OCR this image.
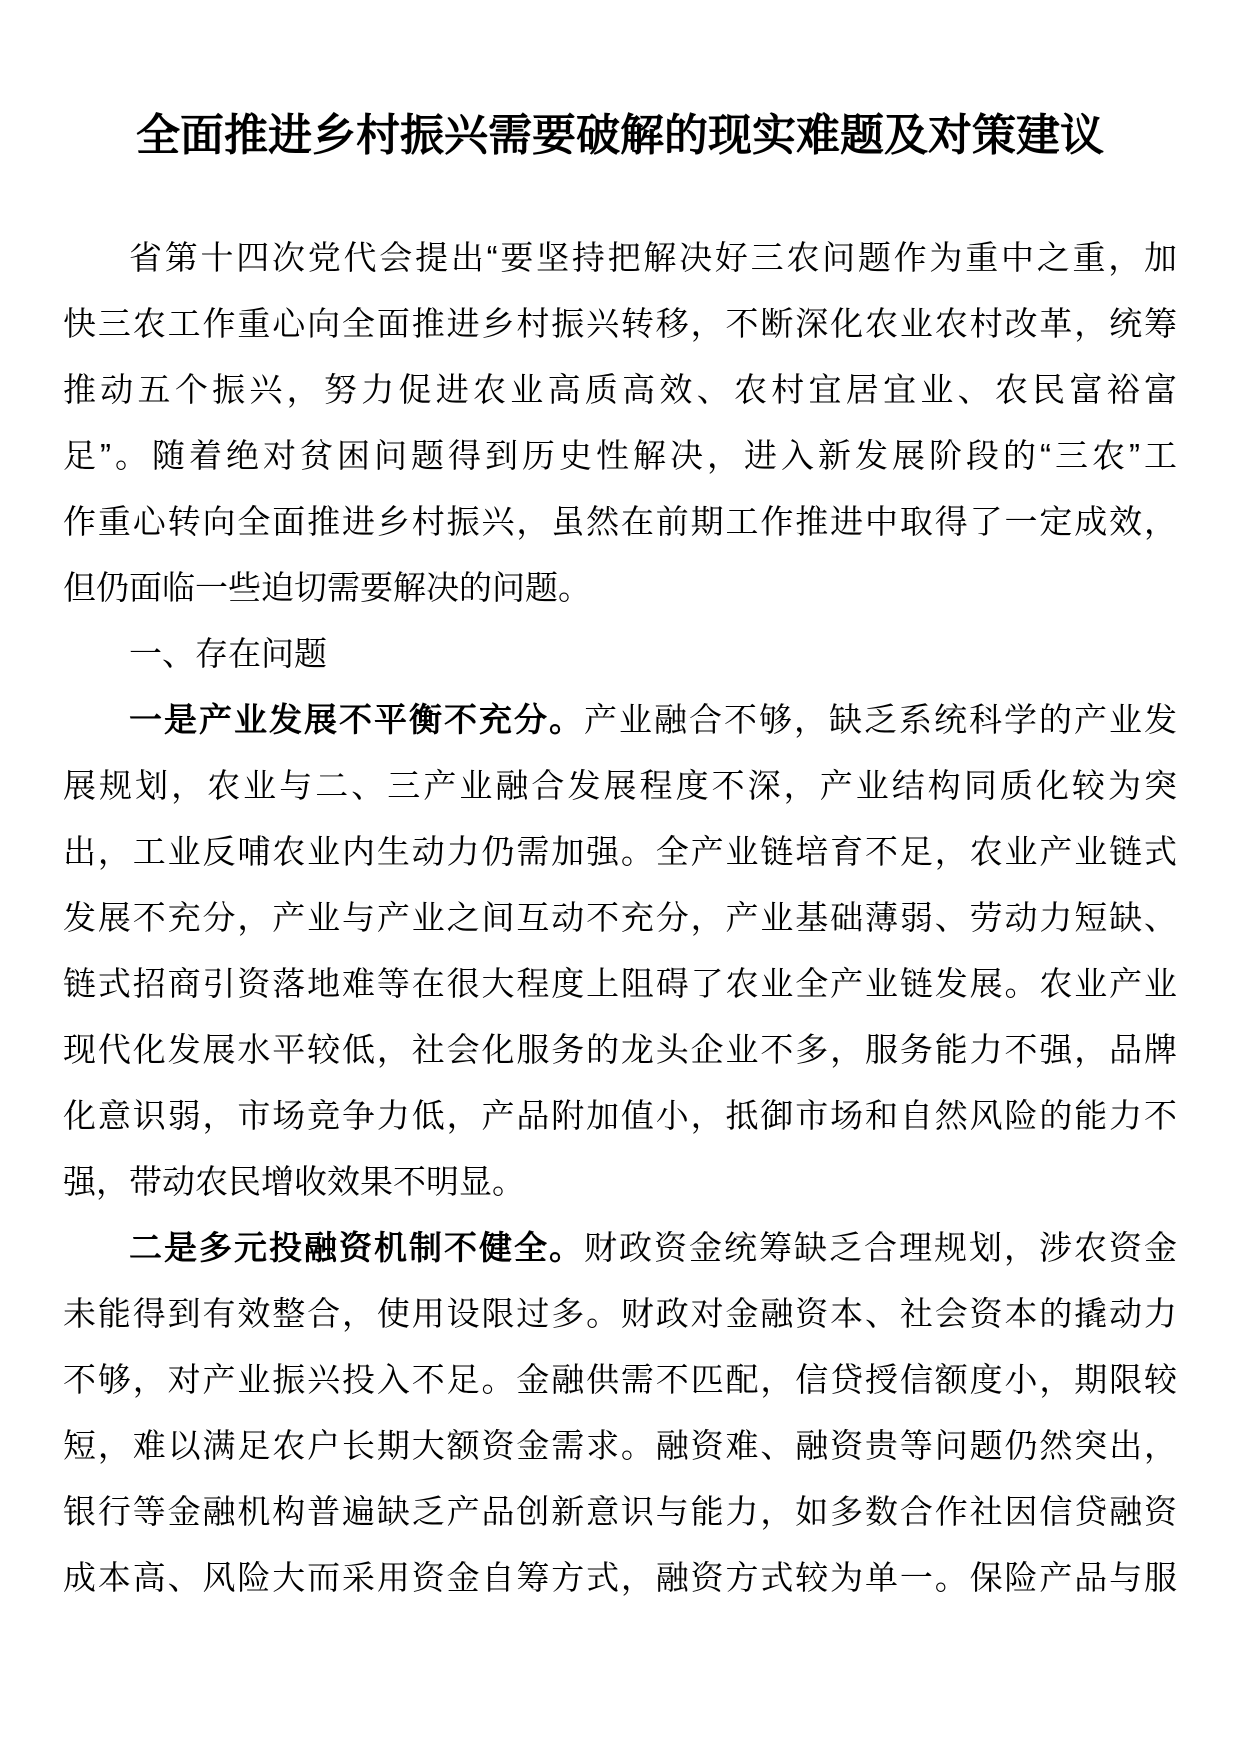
全面推进乡村振兴需要破解的现实难题及对策建议
省第十四次党代会提出“要坚持把解决好三农问题作为重中之重，加
快三农工作重心向全面推进乡村振兴转移，不断深化农业农村改革，统筹
推动五个振兴，努力促进农业高质高效、农村宜居宜业、农民富裕富
足”。随着绝对贫困问题得到历史性解决，进入新发展阶段的“三农”工
作重心转向全面推进乡村振兴，虽然在前期工作推进中取得了一定成效，
但仍面临一些迫切需要解决的问题。
一、存在问题
一是产业发展不平衡不充分。产业融合不够，缺乏系统科学的产业发
展规划，农业与二、三产业融合发展程度不深，产业结构同质化较为突
出，工业反哺农业内生动力仍需加强。全产业链培育不足，农业产业链式
发展不充分，产业与产业之间互动不充分，产业基础薄弱、劳动力短缺、
链式招商引资落地难等在很大程度上阻碍了农业全产业链发展。农业产业
现代化发展水平较低，社会化服务的龙头企业不多，服务能力不强，品牌
化意识弱，市场竞争力低，产品附加值小，抵御市场和自然风险的能力不
强，带动农民增收效果不明显。
二是多元投融资机制不健全。财政资金统筹缺乏合理规划，涉农资金
未能得到有效整合，使用设限过多。财政对金融资本、社会资本的撬动力
不够，对产业振兴投入不足。金融供需不匹配，信贷授信额度小，期限较
短，难以满足农户长期大额资金需求。融资难、融资贵等问题仍然突出，
银行等金融机构普遍缺乏产品创新意识与能力，如多数合作社因信贷融资
成本高、风险大而采用资金自筹方式，融资方式较为单一。保险产品与服
